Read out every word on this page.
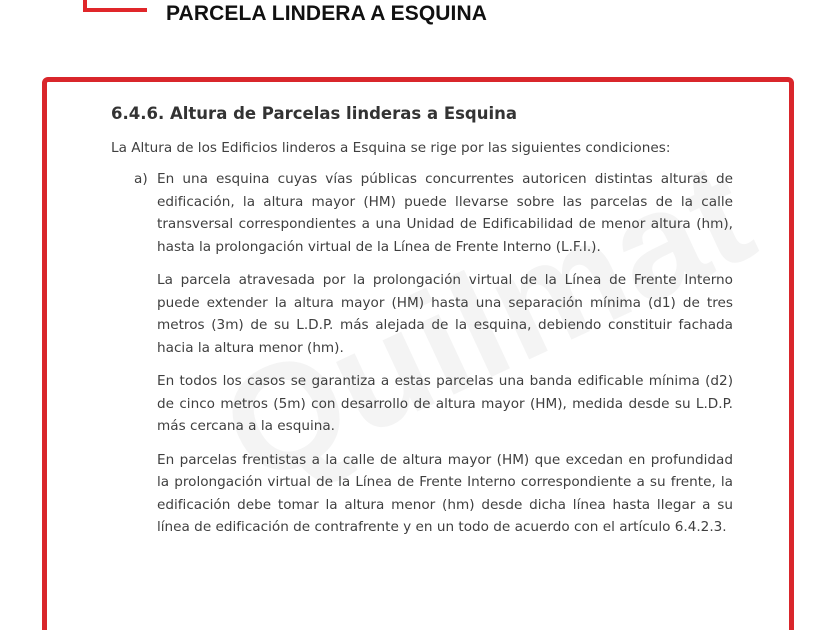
PARCELA LINDERA A ESQUINA
6.4.6. Altura de Parcelas linderas a Esquina

La Altura de los Edificios linderos a Esquina se rige por las siguientes condiciones:

a) En una esquina cuyas vías públicas concurrentes autoricen distintas alturas de edificación, la altura mayor (HM) puede llevarse sobre las parcelas de la calle transversal correspondientes a una Unidad de Edificabilidad de menor altura (hm), hasta la prolongación virtual de la Línea de Frente Interno (L.F.I.).

La parcela atravesada por la prolongación virtual de la Línea de Frente Interno puede extender la altura mayor (HM) hasta una separación mínima (d1) de tres metros (3m) de su L.D.P. más alejada de la esquina, debiendo constituir fachada hacia la altura menor (hm).

En todos los casos se garantiza a estas parcelas una banda edificable mínima (d2) de cinco metros (5m) con desarrollo de altura mayor (HM), medida desde su L.D.P. más cercana a la esquina.

En parcelas frentistas a la calle de altura mayor (HM) que excedan en profundidad la prolongación virtual de la Línea de Frente Interno correspondiente a su frente, la edificación debe tomar la altura menor (hm) desde dicha línea hasta llegar a su línea de edificación de contrafrente y en un todo de acuerdo con el artículo 6.4.2.3.
